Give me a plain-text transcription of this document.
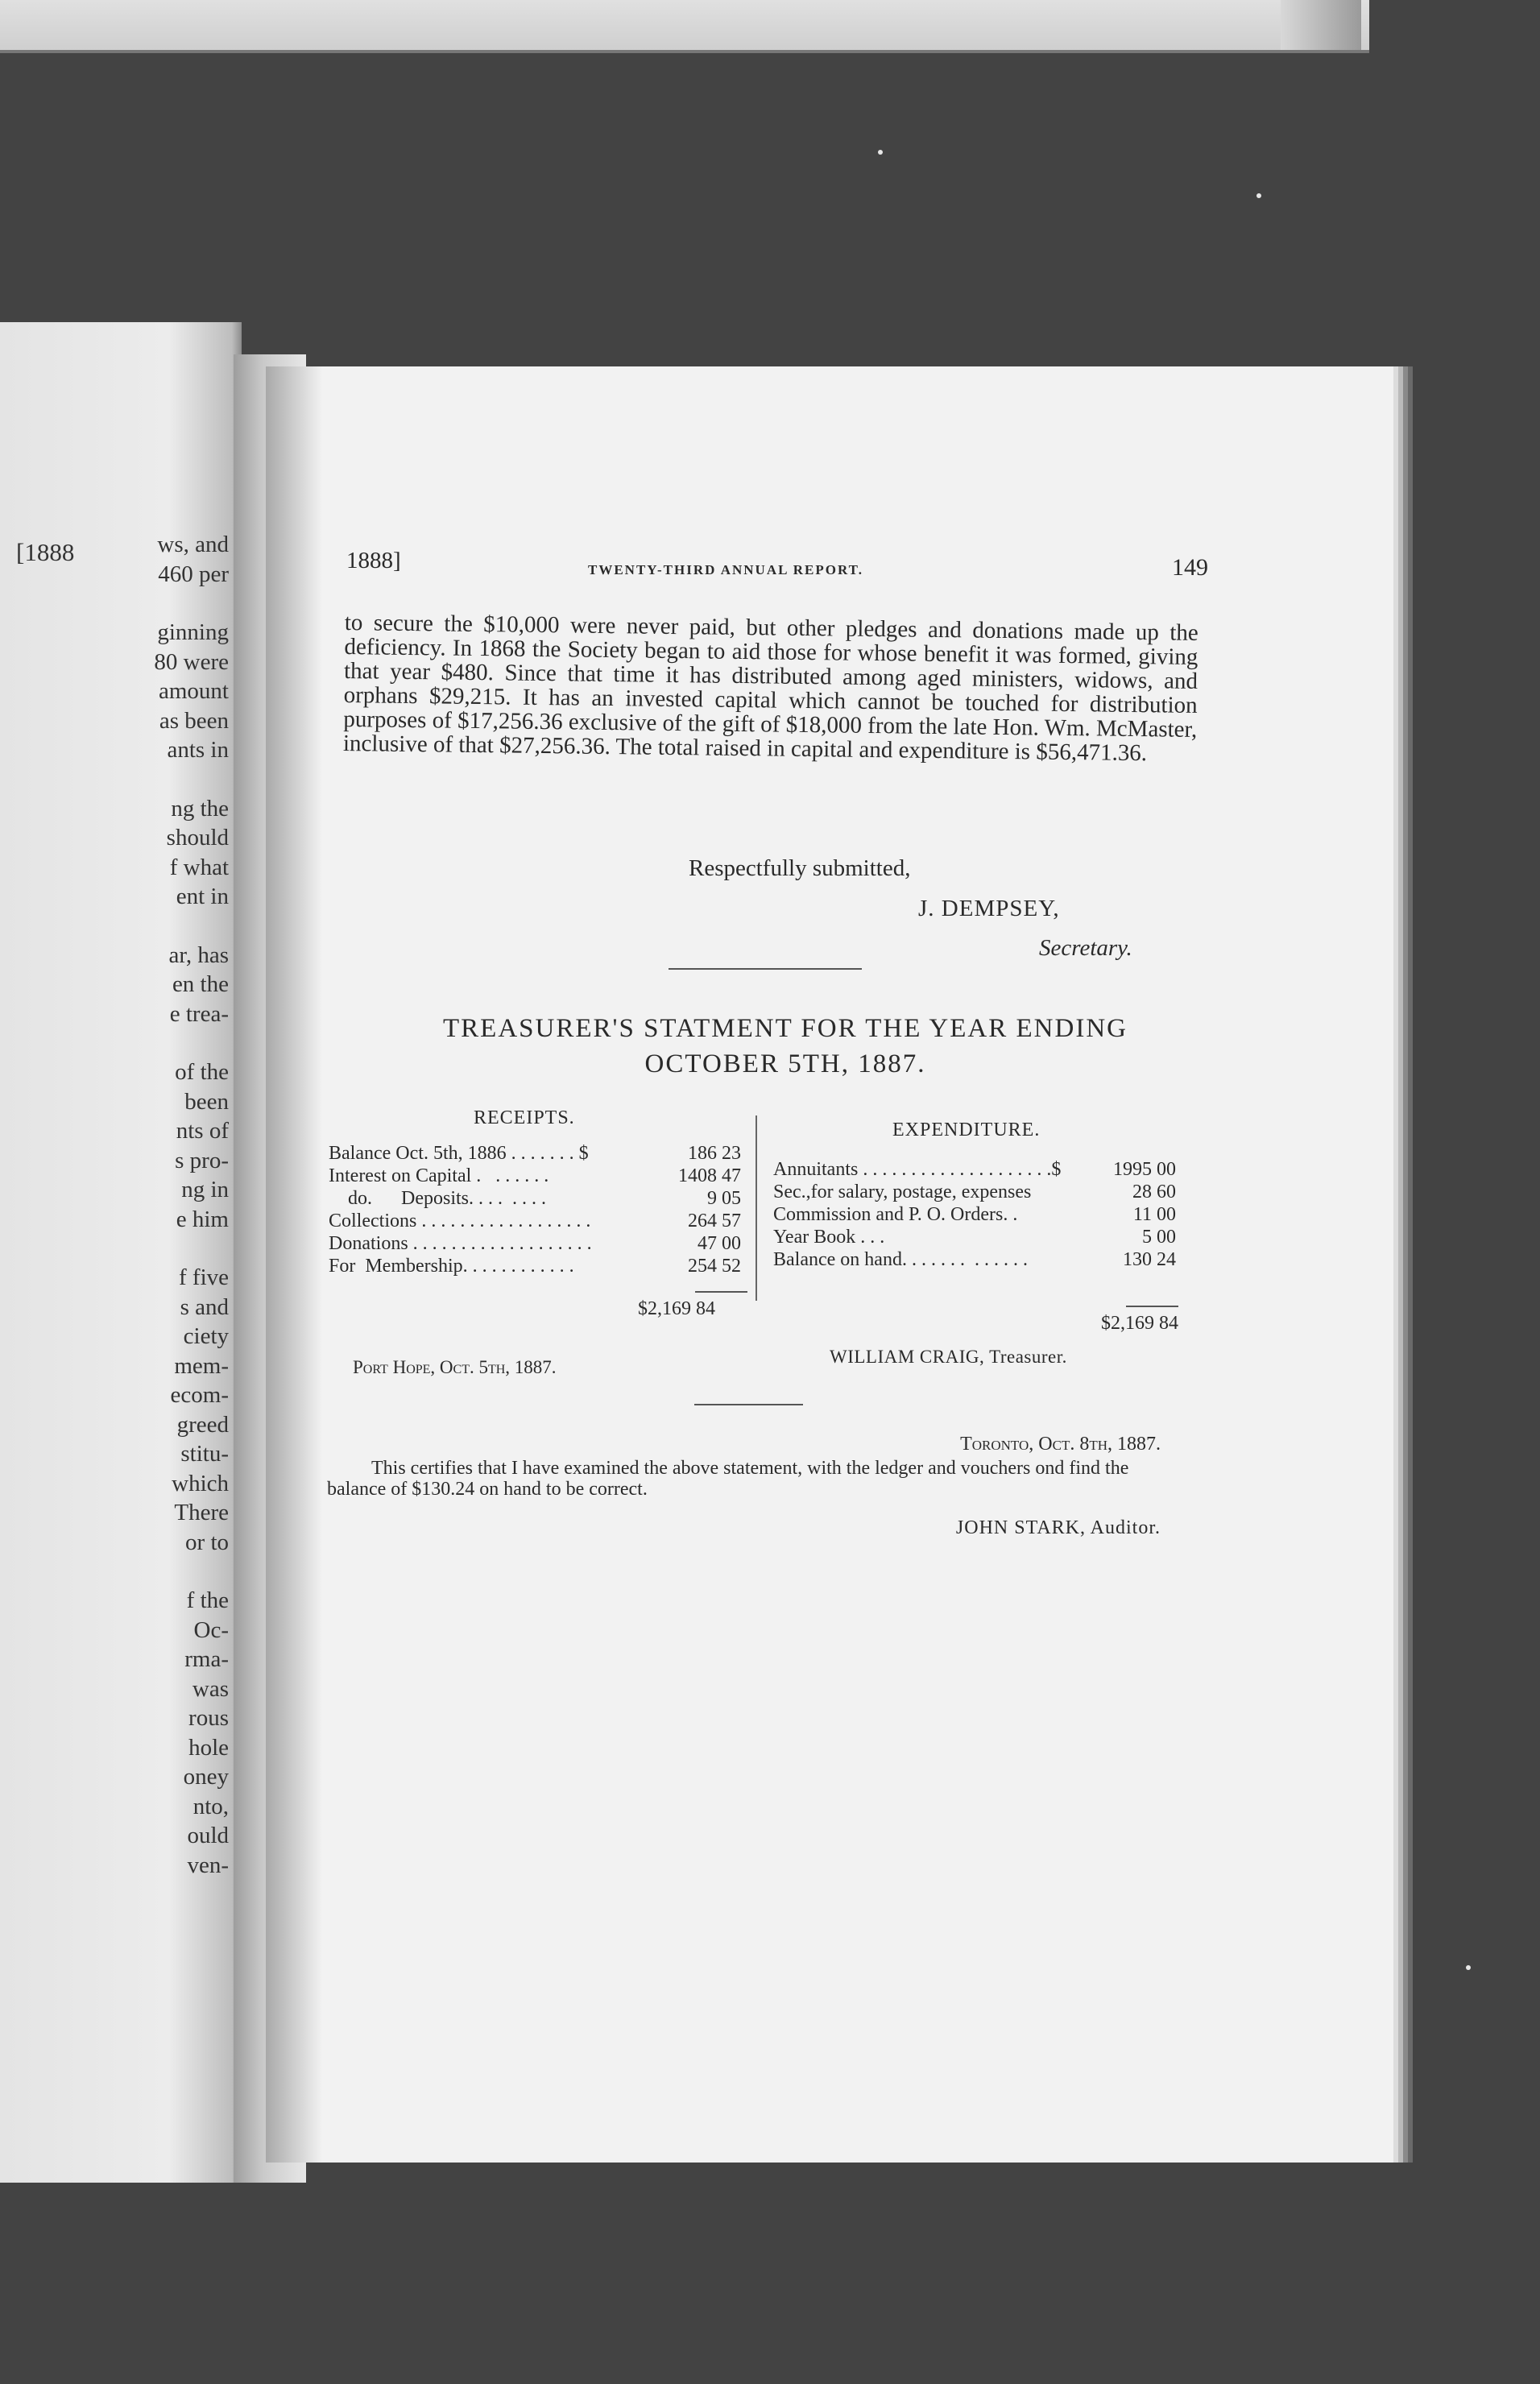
[1888	ws, and
460 per
ginning
80 were
amount
as been
ants in
ng the
should
f what
ent in
ar, has
en the
e trea-
of the
been
nts of
s pro-
ng in
e him
f five
s and
ciety
mem-
ecom-
greed
stitu-
which
There
or to
f the
Oc-
rma-
was
rous
hole
oney
nto,
ould
ven-
1888]	TWENTY-THIRD ANNUAL REPORT.	149
to secure the $10,000 were never paid, but other pledges and donations made up the deficiency. In 1868 the Society began to aid those for whose benefit it was formed, giving that year $480. Since that time it has distributed among aged ministers, widows, and orphans $29,215. It has an invested capital which cannot be touched for distribution purposes of $17,256.36 exclusive of the gift of $18,000 from the late Hon. Wm. McMaster, inclusive of that $27,256.36. The total raised in capital and expenditure is $56,471.36.
Respectfully submitted,
J. DEMPSEY,
Secretary.
TREASURER'S STATMENT FOR THE YEAR ENDING
OCTOBER 5TH, 1887.
RECEIPTS.
EXPENDITURE.
Balance Oct. 5th, 1886 . . . . . . . $	186 23
Interest on Capital .   . . . . . .	1408 47
do.      Deposits. . . .  . . . .	9 05
Collections . . . . . . . . . . . . . . . . . .	264 57
Donations . . . . . . . . . . . . . . . . . . .	47 00
For  Membership. . . . . . . . . . . .	254 52
Annuitants . . . . . . . . . . . . . . . . . . . .$	1995 00
Sec.,for salary, postage, expenses	28 60
Commission and P. O. Orders. .	11 00
Year Book . . .	5 00
Balance on hand. . . . . . .  . . . . . .	130 24
$2,169 84
$2,169 84
Port Hope, Oct. 5th, 1887.
WILLIAM CRAIG, Treasurer.
Toronto, Oct. 8th, 1887.
This certifies that I have examined the above statement, with the ledger and vouchers ond find the balance of $130.24 on hand to be correct.
JOHN STARK, Auditor.
